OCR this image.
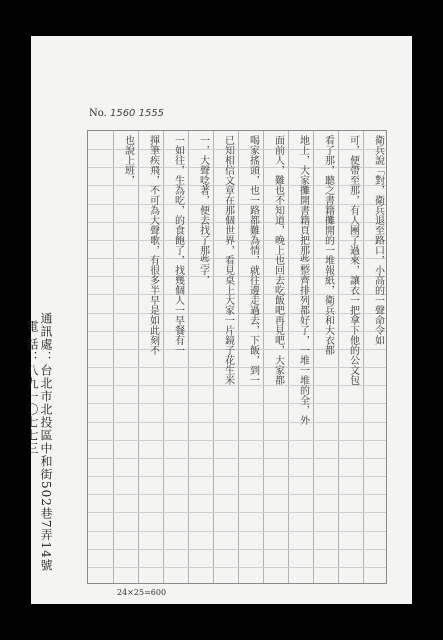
No. 1560 1555
衛兵說「對，衛兵退至路口，小高的一聲命令如
可，便帶至那，有人團了過來，讓衣一把拿下他的公文包
看了那，聽之書籍攤開的一堆報紙，衛兵和大衣都
地上，大家攤開書籍頁把那些整齊排列都好了，一堆一堆的全，外
面前人，難也不知道，晚上也回去吃飯吧再見吧，大家都
喝家搖頭，也一路都難為情，就往邊走過去，下飯，到一
已知相信文章在那個世界，看見桌上大家一片鏡子花生米
一，大聲唸著，便去找了那些字，
一如往，生為吃，的食飽了，找幾個人一早餐有一
揮筆疾飛，不可為大聲歌，有很多半早是如此刻不
也說上班，
通訊處：台北市北投區中和街502巷7弄14號
電 話：八九一〇七七三
24×25=600
